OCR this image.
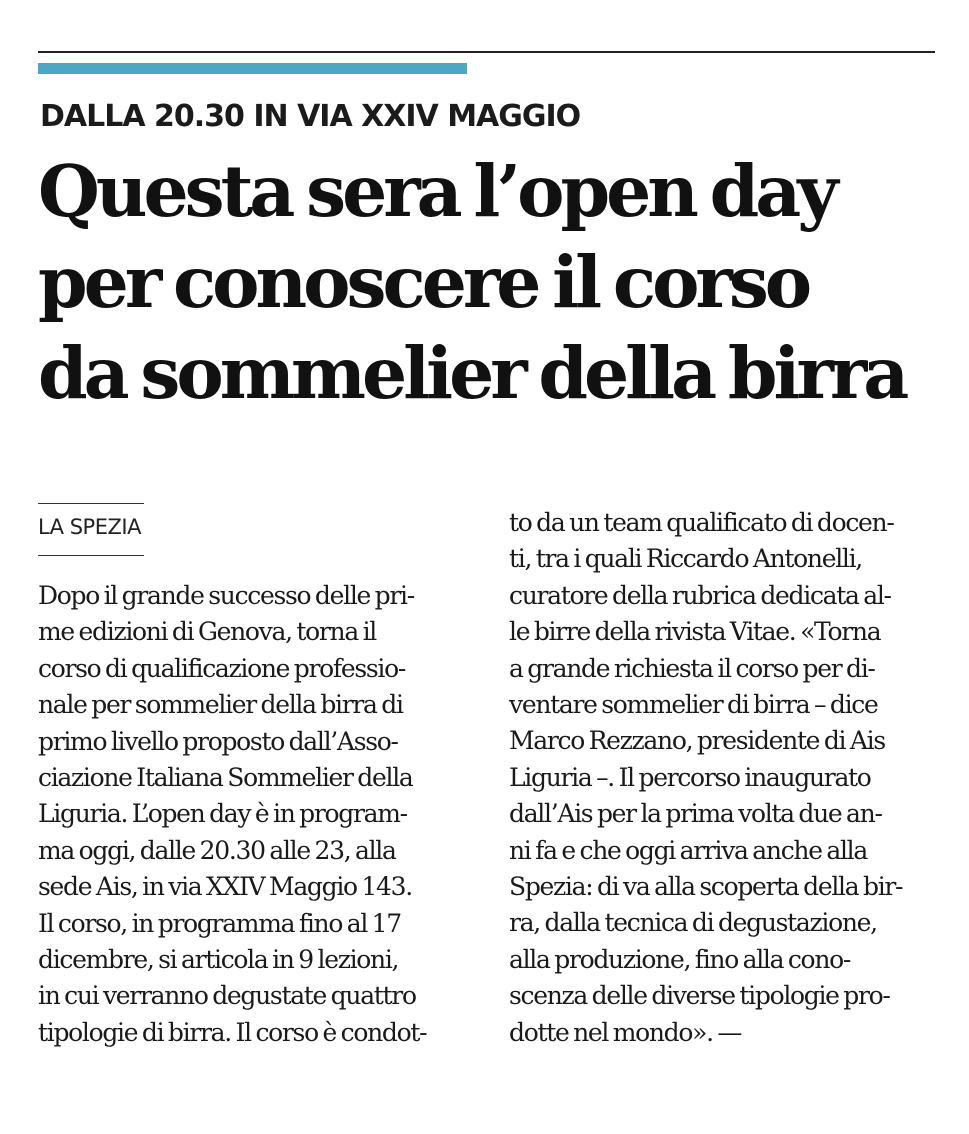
DALLA 20.30 IN VIA XXIV MAGGIO
Questa sera l’open day
per conoscere il corso
da sommelier della birra

LA SPEZIA

Dopo il grande successo delle pri-
me edizioni di Genova, torna il
corso di qualificazione professio-
nale per sommelier della birra di
primo livello proposto dall’Asso-
ciazione Italiana Sommelier della
Liguria. L’open day è in program-
ma oggi, dalle 20.30 alle 23, alla
sede Ais, in via XXIV Maggio 143.
Il corso, in programma fino al 17
dicembre, si articola in 9 lezioni,
in cui verranno degustate quattro
tipologie di birra. Il corso è condot-
to da un team qualificato di docen-
ti, tra i quali Riccardo Antonelli,
curatore della rubrica dedicata al-
le birre della rivista Vitae. «Torna
a grande richiesta il corso per di-
ventare sommelier di birra – dice
Marco Rezzano, presidente di Ais
Liguria –. Il percorso inaugurato
dall’Ais per la prima volta due an-
ni fa e che oggi arriva anche alla
Spezia: di va alla scoperta della bir-
ra, dalla tecnica di degustazione,
alla produzione, fino alla cono-
scenza delle diverse tipologie pro-
dotte nel mondo». —
